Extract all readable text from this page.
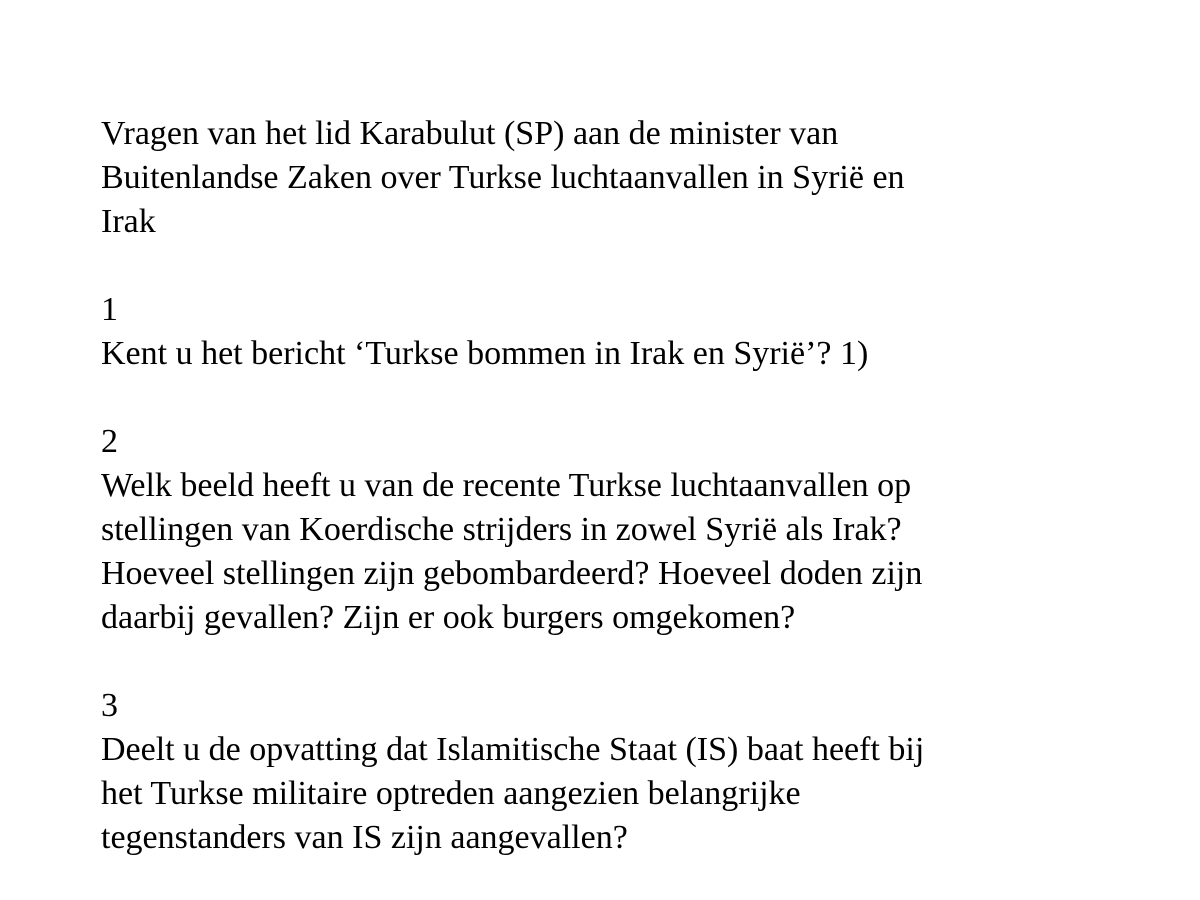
Vragen van het lid Karabulut (SP) aan de minister van

Buitenlandse Zaken over Turkse luchtaanvallen in Syrië en

Irak

1

Kent u het bericht ‘Turkse bommen in Irak en Syrië’? 1)

2

Welk beeld heeft u van de recente Turkse luchtaanvallen op

stellingen van Koerdische strijders in zowel Syrië als Irak?

Hoeveel stellingen zijn gebombardeerd? Hoeveel doden zijn

daarbij gevallen? Zijn er ook burgers omgekomen?

3

Deelt u de opvatting dat Islamitische Staat (IS) baat heeft bij

het Turkse militaire optreden aangezien belangrijke

tegenstanders van IS zijn aangevallen?
